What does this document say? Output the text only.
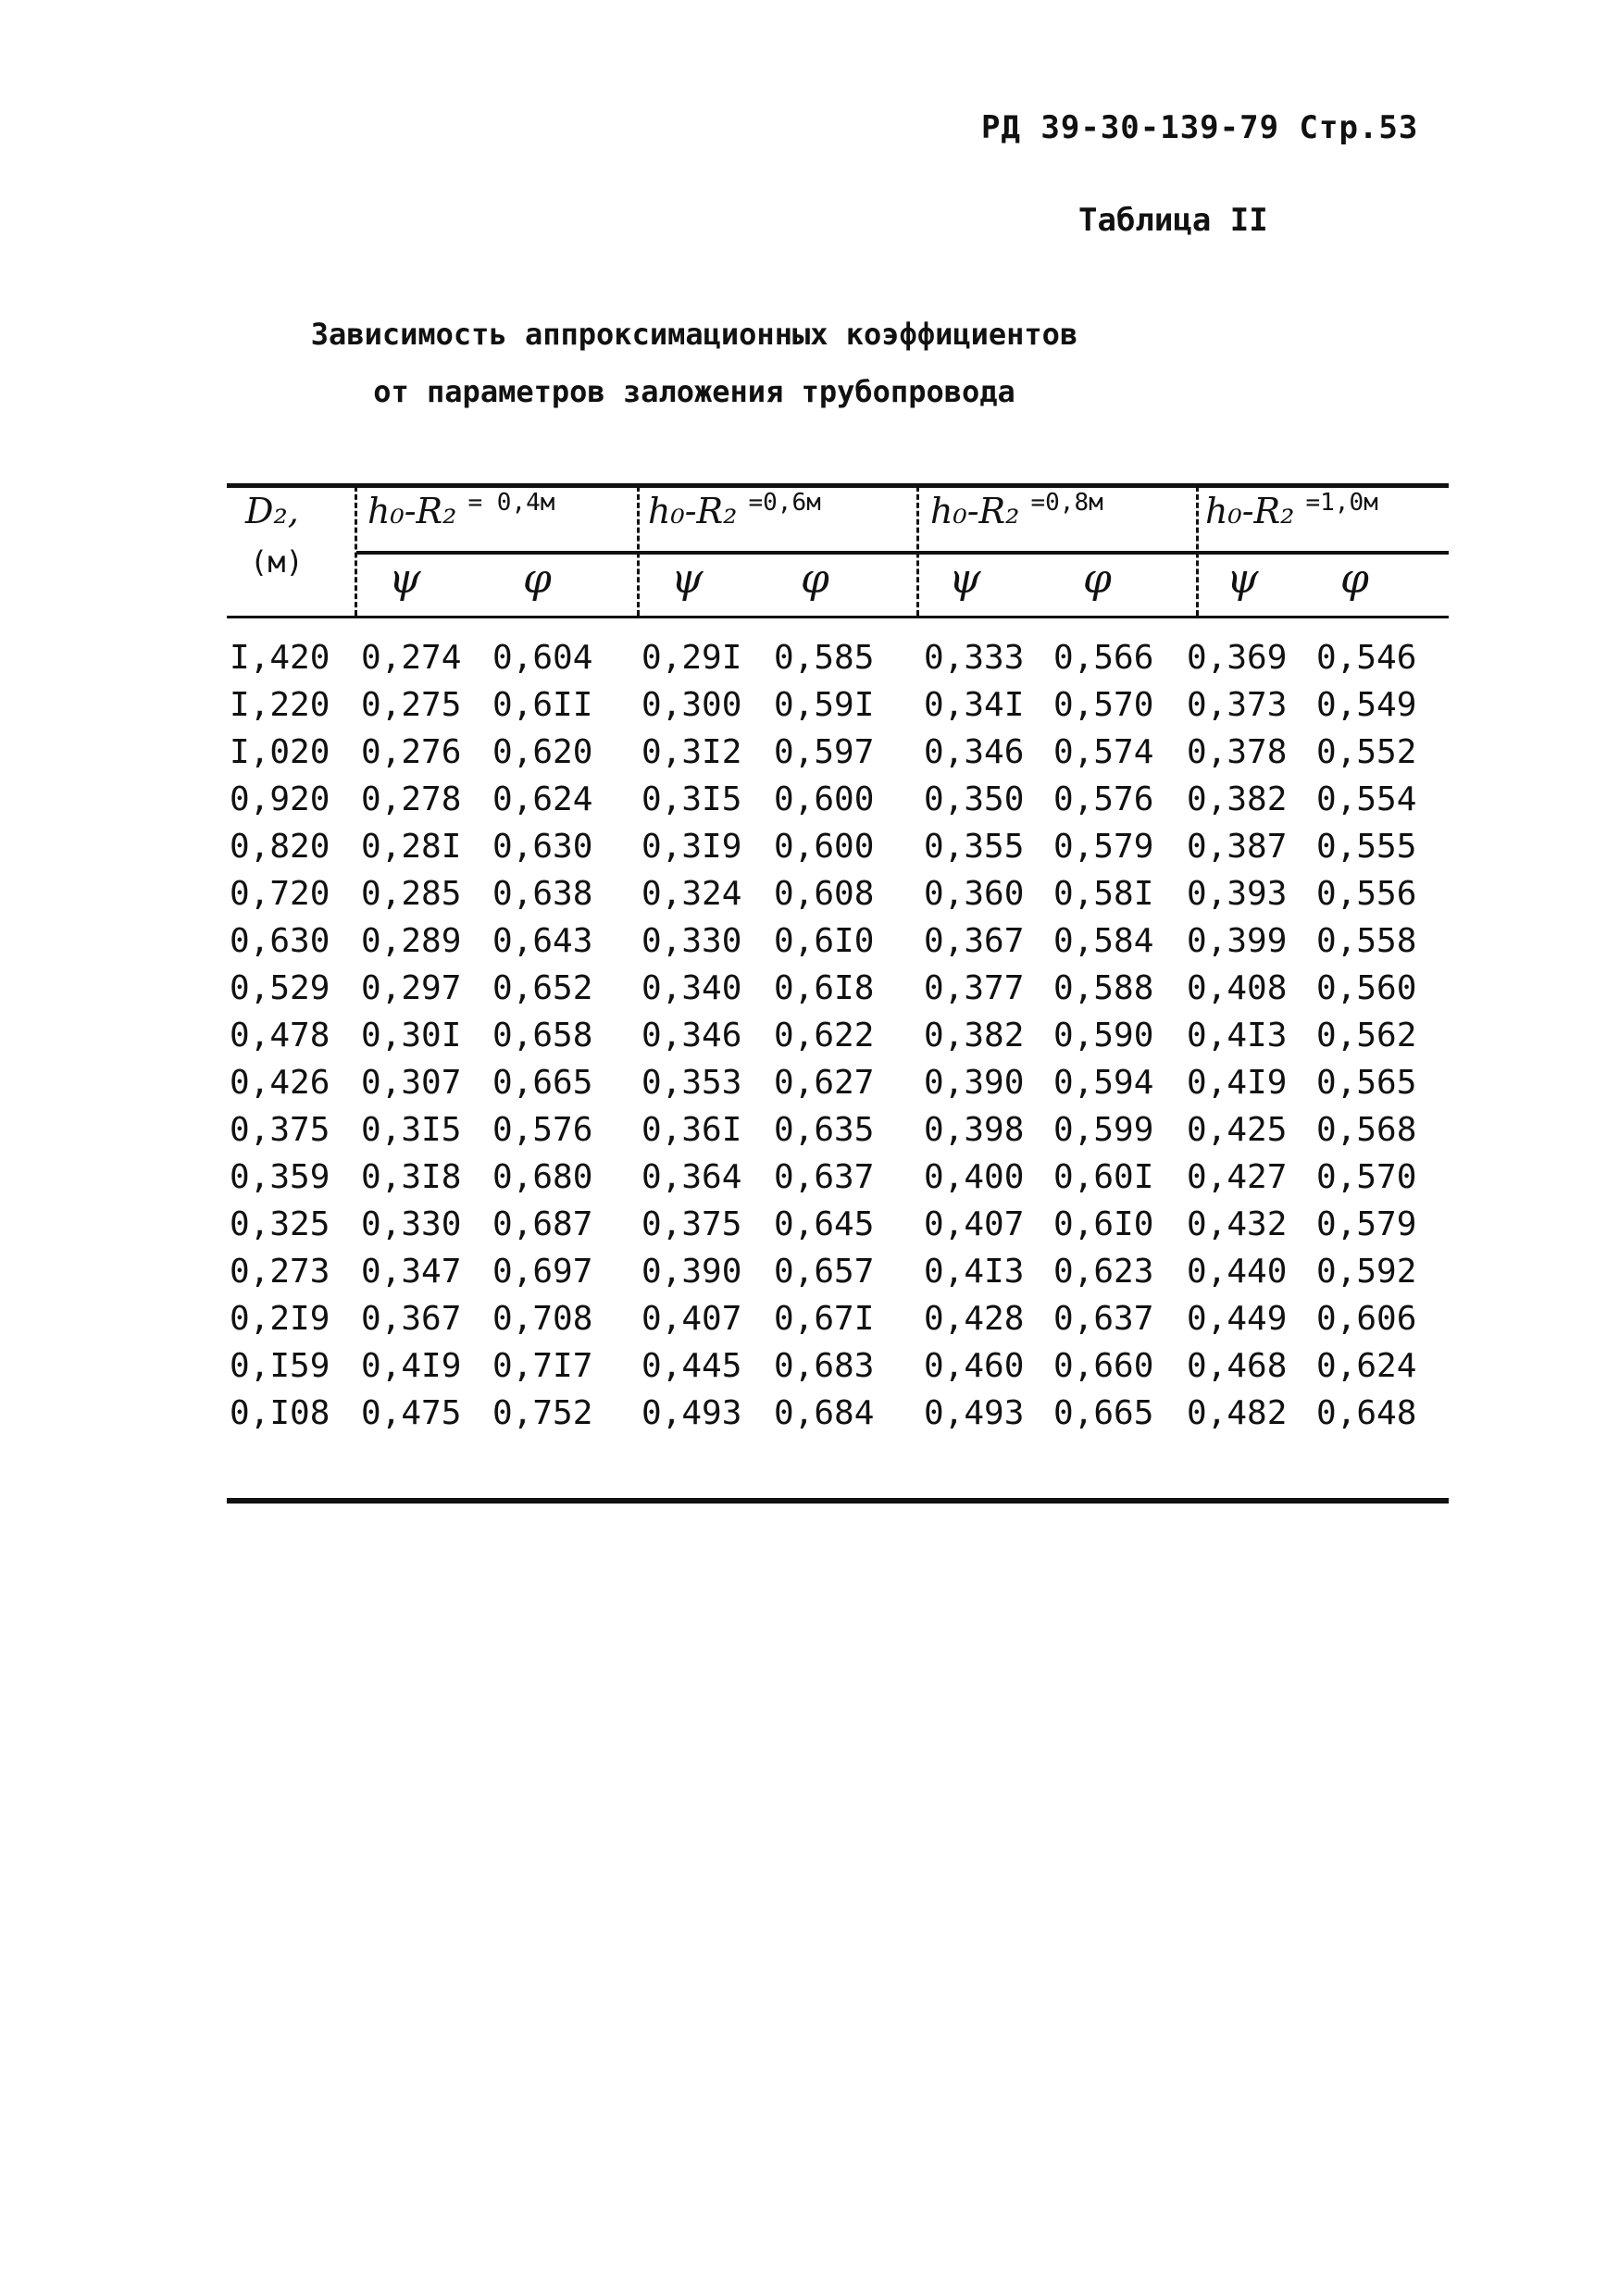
РД 39-30-139-79 Стр.53
Таблица II
Зависимость аппроксимационных коэффициентов
от параметров заложения трубопровода
D₂,
(м)
h₀-R₂ $^{= 0,4м}$	h₀-R₂ $^{=0,6м}$	h₀-R₂ $^{=0,8м}$	h₀-R₂ $^{=1,0м}$
ψ	φ	ψ φ	ψ	φ	ψ φ
I,420 0,274 0,604 0,29I 0,585 0,333 0,566 0,369 0,546
I,220 0,275 0,6II 0,300 0,59I 0,34I 0,570 0,373 0,549
I,020 0,276 0,620 0,3I2 0,597 0,346 0,574 0,378 0,552
0,920 0,278 0,624 0,3I5 0,600 0,350 0,576 0,382 0,554
0,820 0,28I 0,630 0,3I9 0,600 0,355 0,579 0,387 0,555
0,720 0,285 0,638 0,324 0,608 0,360 0,58I 0,393 0,556
0,630 0,289 0,643 0,330 0,6I0 0,367 0,584 0,399 0,558
0,529 0,297 0,652 0,340 0,6I8 0,377 0,588 0,408 0,560
0,478 0,30I 0,658 0,346 0,622 0,382 0,590 0,4I3 0,562
0,426 0,307 0,665 0,353 0,627 0,390 0,594 0,4I9 0,565
0,375 0,3I5 0,576 0,36I 0,635 0,398 0,599 0,425 0,568
0,359 0,3I8 0,680 0,364 0,637 0,400 0,60I 0,427 0,570
0,325 0,330 0,687 0,375 0,645 0,407 0,6I0 0,432 0,579
0,273 0,347 0,697 0,390 0,657 0,4I3 0,623 0,440 0,592
0,2I9 0,367 0,708 0,407 0,67I 0,428 0,637 0,449 0,606
0,I59 0,4I9 0,7I7 0,445 0,683 0,460 0,660 0,468 0,624
0,I08 0,475 0,752 0,493 0,684 0,493 0,665 0,482 0,648
